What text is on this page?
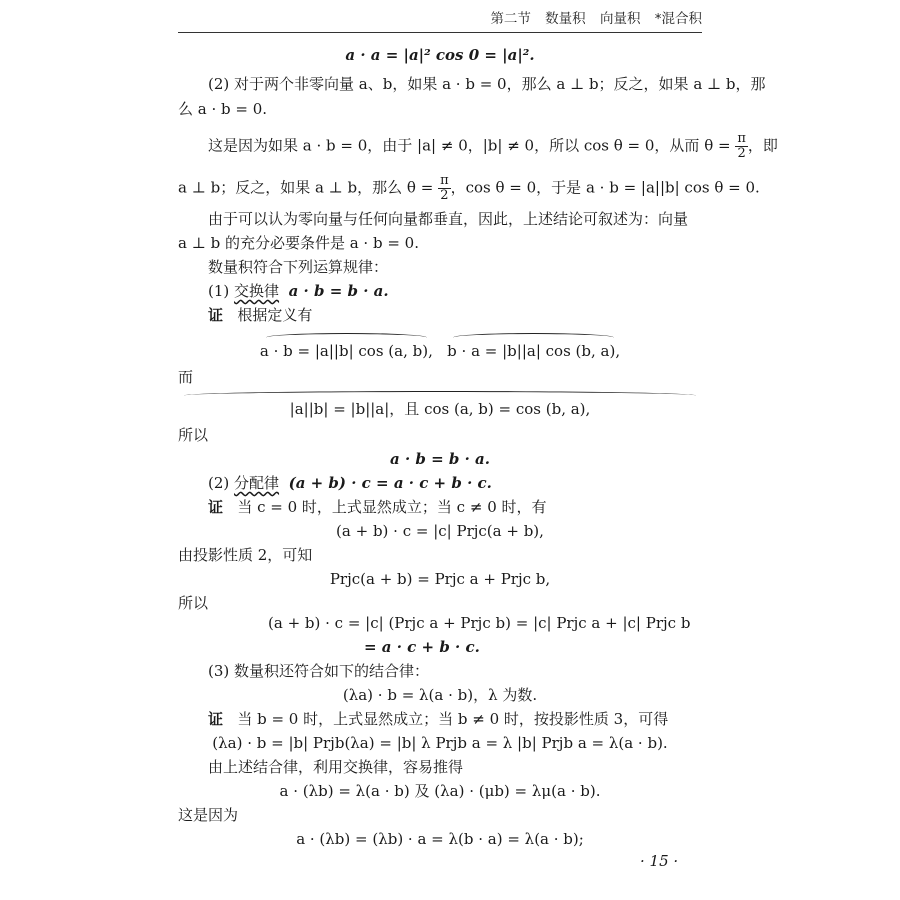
第二节 数量积 向量积 *混合积
a · a = |a|² cos 0 = |a|².
(2) 对于两个非零向量 a、b，如果 a · b = 0，那么 a ⊥ b；反之，如果 a ⊥ b，那
么 a · b = 0.
这是因为如果 a · b = 0，由于 |a| ≠ 0，|b| ≠ 0，所以 cos θ = 0，从而 $\theta = \frac{\pi}{2}$ ，即
a ⊥ b；反之，如果 a ⊥ b，那么 $\theta = \frac{\pi}{2}$ ，cos θ = 0，于是 a · b = |a||b| cos θ = 0.
由于可以认为零向量与任何向量都垂直，因此，上述结论可叙述为：向量
a ⊥ b 的充分必要条件是 a · b = 0.
数量积符合下列运算规律：
(1) 交换律 a · b = b · a.
证 根据定义有
a · b = |a||b| cos (a, b), b · a = |b||a| cos (b, a),
而
|a||b| = |b||a|，且 cos (a, b) = cos (b, a),
所以
a · b = b · a.
(2) 分配律 (a + b) · c = a · c + b · c.
证 当 c = 0 时，上式显然成立；当 c ≠ 0 时，有
(a + b) · c = |c| Prjc(a + b),
由投影性质 2，可知
Prjc(a + b) = Prjc a + Prjc b,
所以
(a + b) · c = |c| (Prjc a + Prjc b) = |c| Prjc a + |c| Prjc b
= a · c + b · c.
(3) 数量积还符合如下的结合律：
(λa) · b = λ(a · b)，λ 为数.
证 当 b = 0 时，上式显然成立；当 b ≠ 0 时，按投影性质 3，可得
(λa) · b = |b| Prjb(λa) = |b| λ Prjb a = λ |b| Prjb a = λ(a · b).
由上述结合律，利用交换律，容易推得
a · (λb) = λ(a · b) 及 (λa) · (μb) = λμ(a · b).
这是因为
a · (λb) = (λb) · a = λ(b · a) = λ(a · b);
· 15 ·
